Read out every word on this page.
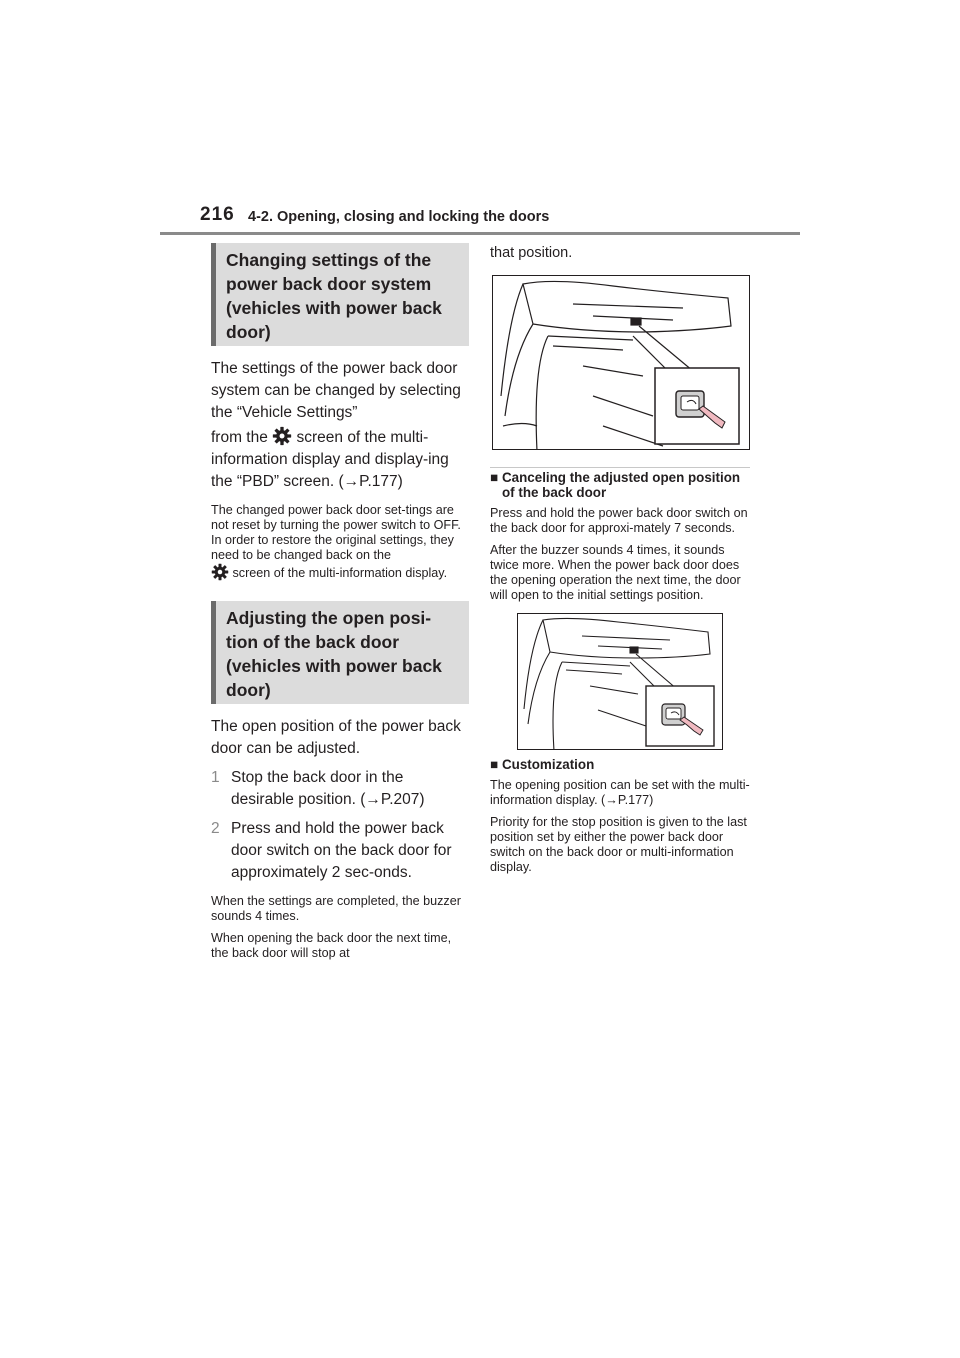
216 4-2. Opening, closing and locking the doors
Changing settings of the power back door system (vehicles with power back door)

The settings of the power back door system can be changed by selecting the “Vehicle Settings”

from the screen of the multi-information display and display-ing the “PBD” screen. (→P.177)

The changed power back door set-tings are not reset by turning the power switch to OFF. In order to restore the original settings, they need to be changed back on the
screen of the multi-information display.

Adjusting the open posi-tion of the back door (vehicles with power back door)
The open position of the power back door can be adjusted.
1 Stop the back door in the desirable position. (→P.207)
2 Press and hold the power back door switch on the back door for approximately 2 sec-onds.

When the settings are completed, the buzzer sounds 4 times.

When opening the back door the next time, the back door will stop at

that position.
■ Canceling the adjusted open position of the back door

Press and hold the power back door switch on the back door for approxi-mately 7 seconds.

After the buzzer sounds 4 times, it sounds twice more. When the power back door does the opening operation the next time, the door will open to the initial settings position.

■ Customization

The opening position can be set with the multi-information display. (→P.177)

Priority for the stop position is given to the last position set by either the power back door switch on the back door or multi-information display.
